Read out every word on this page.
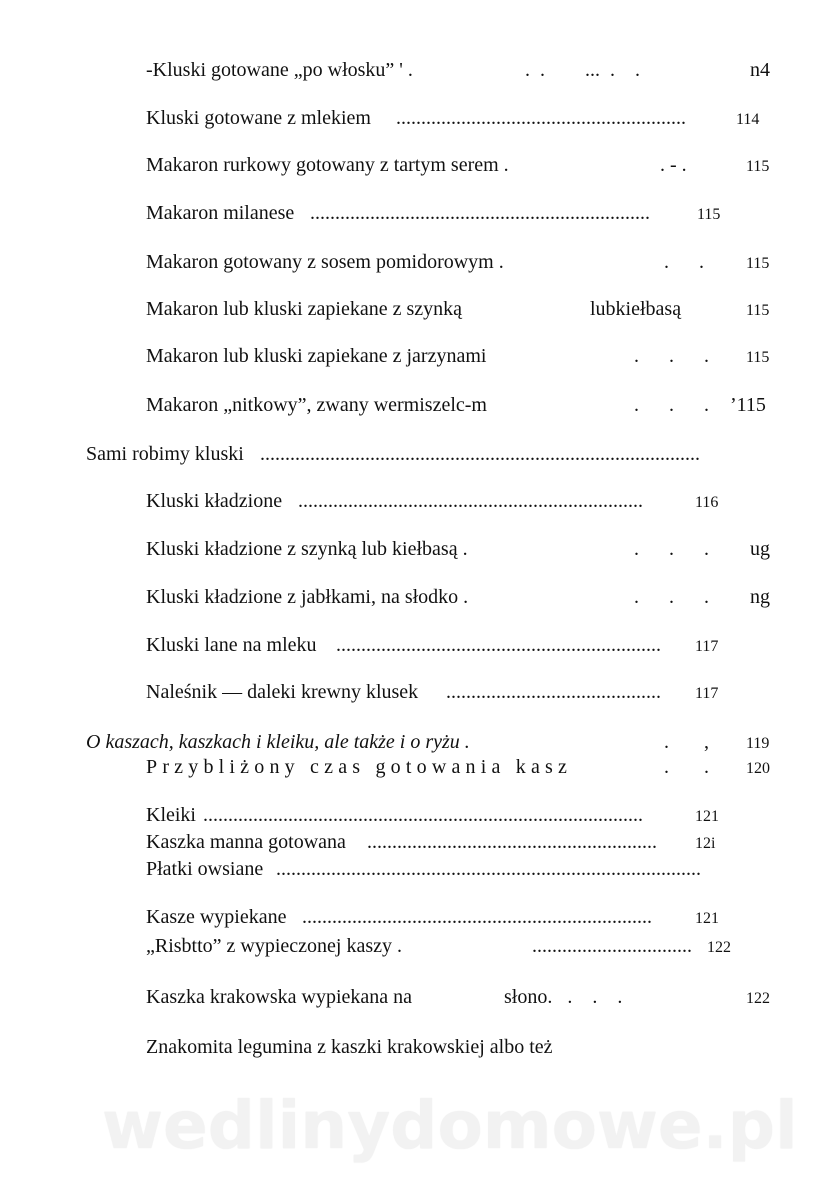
-Kluski gotowane „po włosku” ' .	.  .        ...  .    .	n4
Kluski gotowane z mlekiem ..........................................................	114
Makaron rurkowy gotowany z tartym serem .	. - .	115
Makaron milanese ....................................................................	115
Makaron gotowany z sosem pomidorowym .	.      .	115
Makaron lub kluski zapiekane z szynką	lubkiełbasą	115
Makaron lub kluski zapiekane z jarzynami	.      .      . 115
Makaron „nitkowy”, zwany wermiszelc-m	.      .      . ’115
Sami robimy kluski ........................................................................................
Kluski kładzione .....................................................................	116
Kluski kładzione z szynką lub kiełbasą .	.      .      . ug
Kluski kładzione z jabłkami, na słodko .	.      .      . ng
Kluski lane na mleku ................................................................. 117
Naleśnik — daleki krewny klusek ........................................... 117
O kaszach, kaszkach i kleiku, ale także i o ryżu .	.       , 119
Przybliżony czas gotowania kasz	.       . 120
Kleiki ........................................................................................	121
Kaszka manna gotowana .......................................................... 12i
Płatki owsiane .....................................................................................
Kasze wypiekane ......................................................................	121
„Risbtto” z wypieczonej kaszy .	................................ 122
Kaszka krakowska wypiekana na	słono.   .    .    .	122
Znakomita legumina z kaszki krakowskiej albo też
wedlinydomowe.pl
